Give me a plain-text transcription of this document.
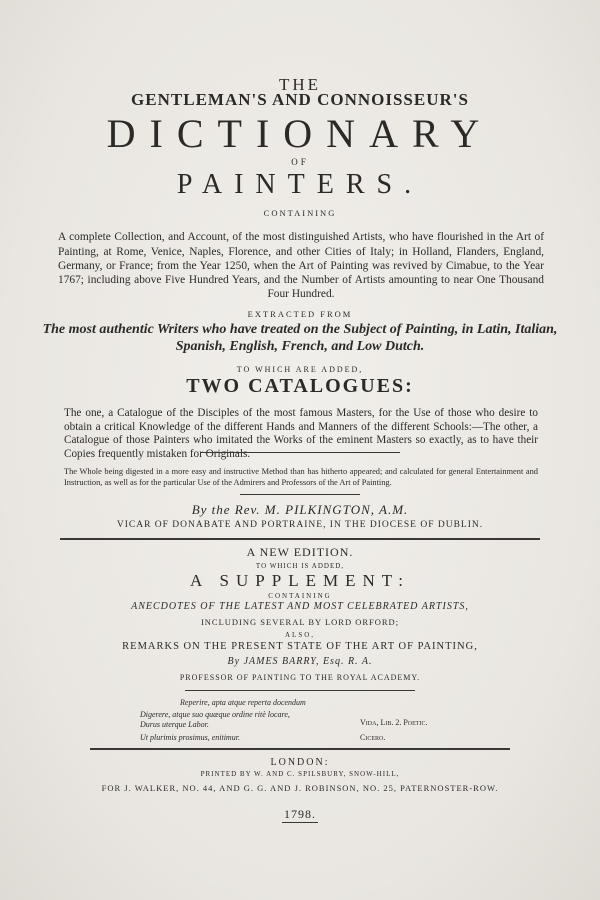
THE

GENTLEMAN'S AND CONNOISSEUR'S

DICTIONARY

OF

PAINTERS.

CONTAINING

A complete Collection, and Account, of the most distinguished Artists, who have flourished in the Art of Painting, at Rome, Venice, Naples, Florence, and other Cities of Italy; in Holland, Flanders, England, Germany, or France; from the Year 1250, when the Art of Painting was revived by Cimabue, to the Year 1767; including above Five Hundred Years, and the Number of Artists amounting to near One Thousand Four Hundred.

EXTRACTED FROM

The most authentic Writers who have treated on the Subject of Painting, in Latin, Italian, Spanish, English, French, and Low Dutch.

TO WHICH ARE ADDED,

TWO CATALOGUES:

The one, a Catalogue of the Disciples of the most famous Masters, for the Use of those who desire to obtain a critical Knowledge of the different Hands and Manners of the different Schools:—The other, a Catalogue of those Painters who imitated the Works of the eminent Masters so exactly, as to have their Copies frequently mistaken for Originals.

The Whole being digested in a more easy and instructive Method than has hitherto appeared; and calculated for general Entertainment and Instruction, as well as for the particular Use of the Admirers and Professors of the Art of Painting.

By the Rev. M. PILKINGTON, A.M.

VICAR OF DONABATE AND PORTRAINE, IN THE DIOCESE OF DUBLIN.

A NEW EDITION.

TO WHICH IS ADDED,

A SUPPLEMENT:

CONTAINING

ANECDOTES OF THE LATEST AND MOST CELEBRATED ARTISTS,

INCLUDING SEVERAL BY LORD ORFORD;

ALSO,

REMARKS ON THE PRESENT STATE OF THE ART OF PAINTING,

By JAMES BARRY, Esq. R. A.

PROFESSOR OF PAINTING TO THE ROYAL ACADEMY.

Reperire, apta atque reperta docendum
Digerere, atque suo quæque ordine ritè locare,
Durus uterque Labor.
Ut plurimis prosimus, enitimur.
Vida, Lib. 2. Poetic.
Cicero.

LONDON:

PRINTED BY W. AND C. SPILSBURY, SNOW-HILL,

FOR J. WALKER, NO. 44, AND G. G. AND J. ROBINSON, NO. 25, PATERNOSTER-ROW.

1798.
